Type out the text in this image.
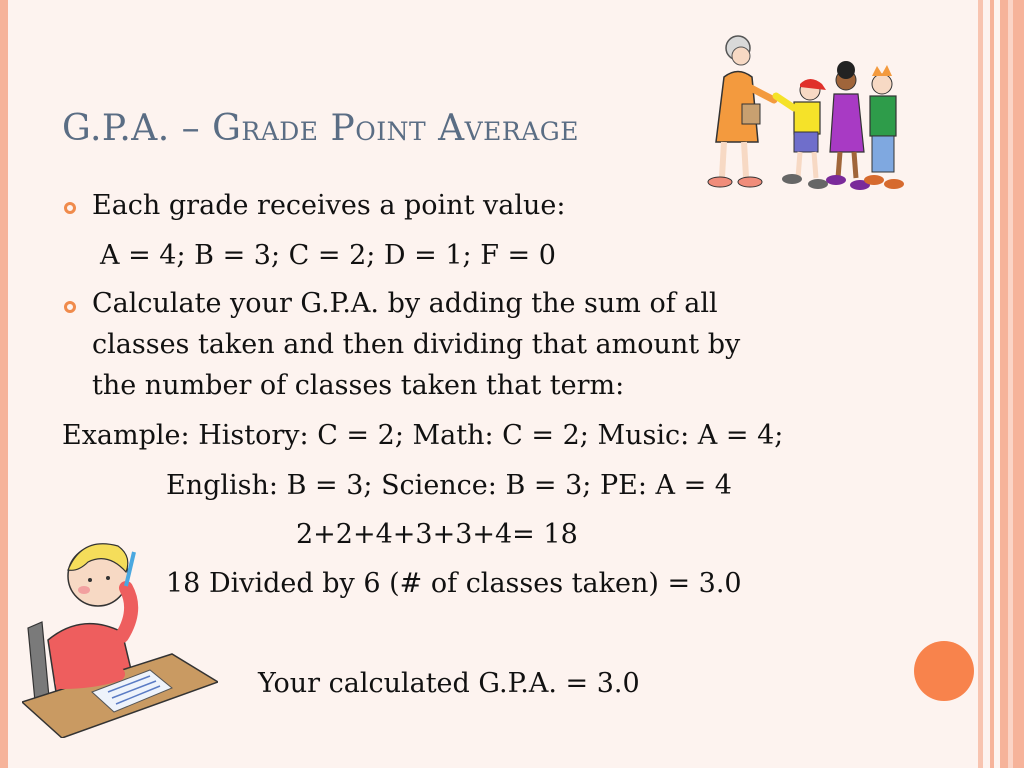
G.P.A. – Grade Point Average
Each grade receives a point value:
A = 4; B = 3; C = 2; D = 1; F = 0
Calculate your G.P.A. by adding the sum of all
classes taken and then dividing that amount by
the number of classes taken that term:
Example: History: C = 2; Math: C = 2; Music: A = 4;
English: B = 3; Science: B = 3; PE: A = 4
2+2+4+3+3+4= 18
18 Divided by 6 (# of classes taken) = 3.0
Your calculated G.P.A. = 3.0
